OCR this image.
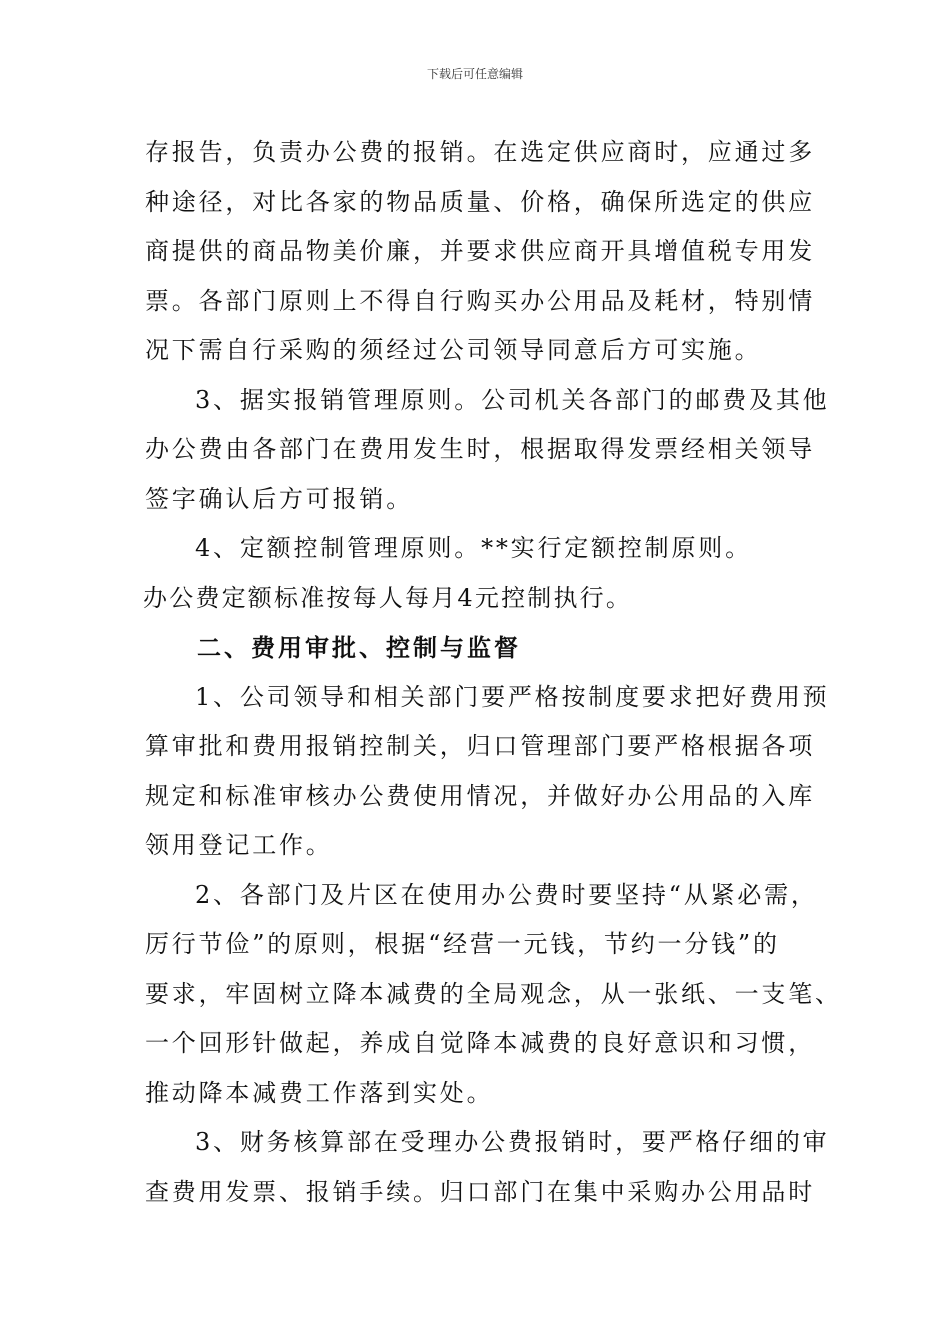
下载后可任意编辑
存报告，负责办公费的报销。在选定供应商时，应通过多
种途径，对比各家的物品质量、价格，确保所选定的供应
商提供的商品物美价廉，并要求供应商开具增值税专用发
票。各部门原则上不得自行购买办公用品及耗材，特别情
况下需自行采购的须经过公司领导同意后方可实施。
3、据实报销管理原则。公司机关各部门的邮费及其他
办公费由各部门在费用发生时，根据取得发票经相关领导
签字确认后方可报销。
4、定额控制管理原则。**实行定额控制原则。
办公费定额标准按每人每月4元控制执行。
二、费用审批、控制与监督
1、公司领导和相关部门要严格按制度要求把好费用预
算审批和费用报销控制关，归口管理部门要严格根据各项
规定和标准审核办公费使用情况，并做好办公用品的入库
领用登记工作。
2、各部门及片区在使用办公费时要坚持“从紧必需，
厉行节俭”的原则，根据“经营一元钱，节约一分钱”的
要求，牢固树立降本减费的全局观念，从一张纸、一支笔、
一个回形针做起，养成自觉降本减费的良好意识和习惯，
推动降本减费工作落到实处。
3、财务核算部在受理办公费报销时，要严格仔细的审
查费用发票、报销手续。归口部门在集中采购办公用品时
